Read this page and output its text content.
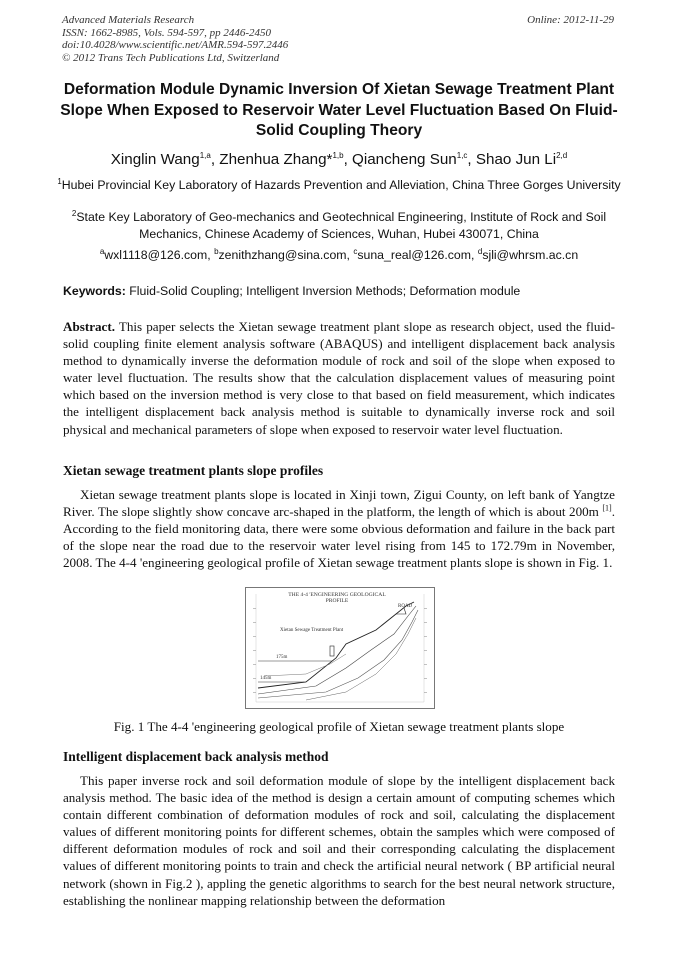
Advanced Materials Research
ISSN: 1662-8985, Vols. 594-597, pp 2446-2450
doi:10.4028/www.scientific.net/AMR.594-597.2446
© 2012 Trans Tech Publications Ltd, Switzerland
Online: 2012-11-29
Deformation Module Dynamic Inversion Of Xietan Sewage Treatment Plant Slope When Exposed to Reservoir Water Level Fluctuation Based On Fluid-Solid Coupling Theory
Xinglin Wang$^{1,a}$, Zhenhua Zhang*$^{1,b}$, Qiancheng Sun$^{1,c}$, Shao Jun Li$^{2,d}$
$^1$Hubei Provincial Key Laboratory of Hazards Prevention and Alleviation, China Three Gorges University
$^2$State Key Laboratory of Geo-mechanics and Geotechnical Engineering, Institute of Rock and Soil Mechanics, Chinese Academy of Sciences, Wuhan, Hubei 430071, China
$^a$wxl1118@126.com, $^b$zenithzhang@sina.com, $^c$suna_real@126.com, $^d$sjli@whrsm.ac.cn
Keywords: Fluid-Solid Coupling; Intelligent Inversion Methods; Deformation module

Abstract. This paper selects the Xietan sewage treatment plant slope as research object, used the fluid-solid coupling finite element analysis software (ABAQUS) and intelligent displacement back analysis method to dynamically inverse the deformation module of rock and soil of the slope when exposed to water level fluctuation. The results show that the calculation displacement values of measuring point which based on the inversion method is very close to that based on field measurement, which indicates the intelligent displacement back analysis method is suitable to dynamically inverse rock and soil physical and mechanical parameters of slope when exposed to reservoir water level fluctuation.

Xietan sewage treatment plants slope profiles

Xietan sewage treatment plants slope is located in Xinji town, Zigui County, on left bank of Yangtze River. The slope slightly show concave arc-shaped in the platform, the length of which is about 200m [1]. According to the field monitoring data, there were some obvious deformation and failure in the back part of the slope near the road due to the reservoir water level rising from 145 to 172.79m in November, 2008. The 4-4 'engineering geological profile of Xietan sewage treatment plants slope is shown in Fig. 1.

THE 4-4 'ENGINEERING GEOLOGICAL PROFILE
ROAD
Xietan Sewage Treatment Plant
175m
145m
Fig. 1 The 4-4 'engineering geological profile of Xietan sewage treatment plants slope
Intelligent displacement back analysis method

This paper inverse rock and soil deformation module of slope by the intelligent displacement back analysis method. The basic idea of the method is design a certain amount of computing schemes which contain different combination of deformation modules of rock and soil, calculating the displacement values of different monitoring points for different schemes, obtain the samples which were composed of different deformation modules of rock and soil and their corresponding calculating the displacement values of different monitoring points to train and check the artificial neural network ( BP artificial neural network (shown in Fig.2 ), appling the genetic algorithms to search for the best neural network structure, establishing the nonlinear mapping relationship between the deformation
